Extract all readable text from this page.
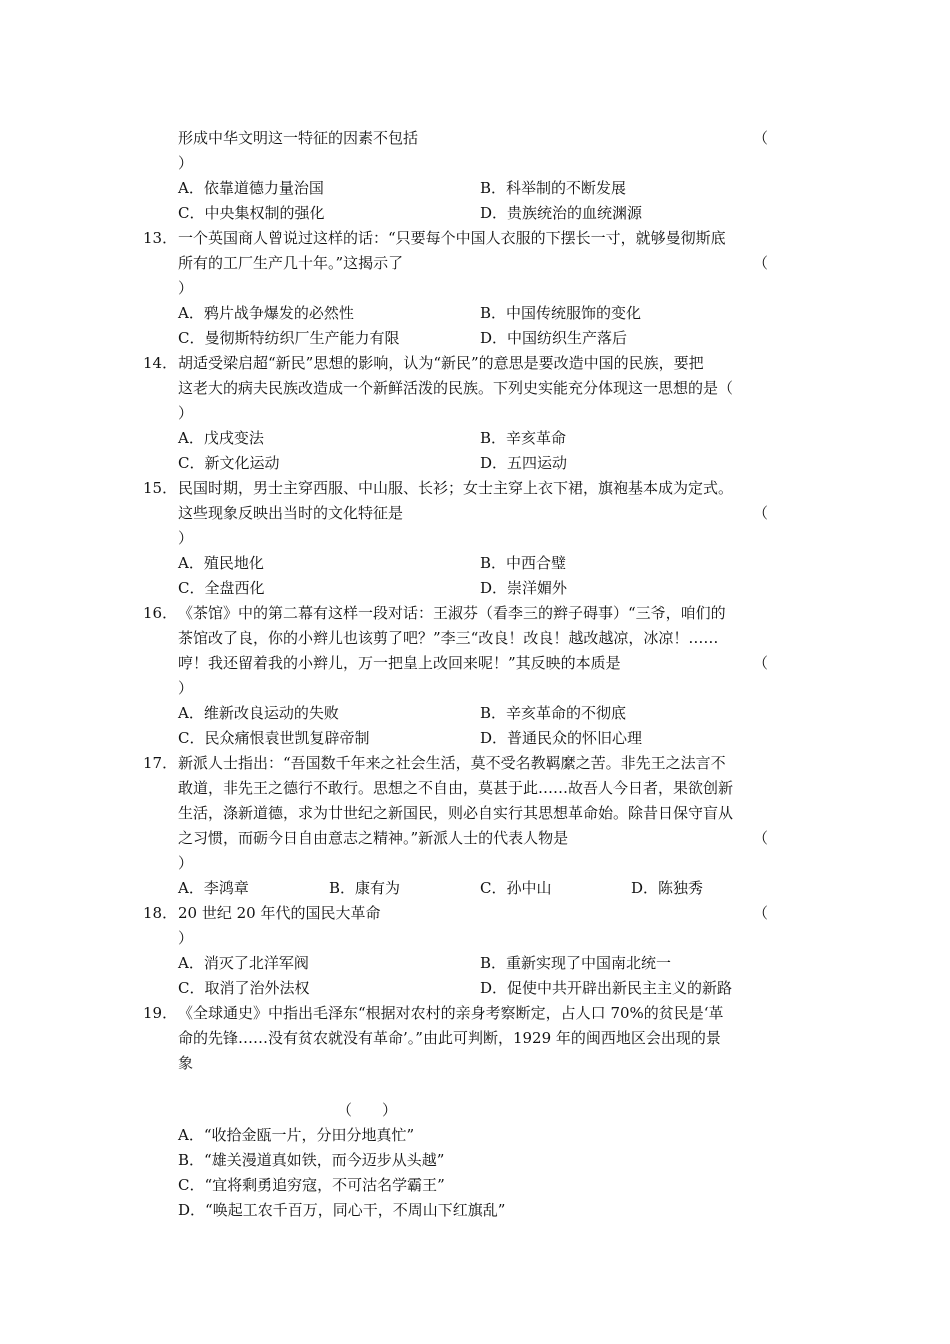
形成中华文明这一特征的因素不包括	（
）
A．依靠道德力量治国	B．科举制的不断发展
C．中央集权制的强化	D．贵族统治的血统渊源
13． 一个英国商人曾说过这样的话：“只要每个中国人衣服的下摆长一寸，就够曼彻斯底
所有的工厂生产几十年。”这揭示了	（
）
A．鸦片战争爆发的必然性	B．中国传统服饰的变化
C．曼彻斯特纺织厂生产能力有限	D．中国纺织生产落后
14． 胡适受梁启超“新民”思想的影响，认为“新民”的意思是要改造中国的民族，要把
这老大的病夫民族改造成一个新鲜活泼的民族。下列史实能充分体现这一思想的是（
）
A．戊戌变法	B．辛亥革命
C．新文化运动	D．五四运动
15． 民国时期，男士主穿西服、中山服、长衫；女士主穿上衣下裙，旗袍基本成为定式。
这些现象反映出当时的文化特征是	（
）
A．殖民地化	B．中西合璧
C．全盘西化	D．崇洋媚外
16． 《茶馆》中的第二幕有这样一段对话：王淑芬（看李三的辫子碍事）“三爷，咱们的
茶馆改了良，你的小辫儿也该剪了吧？”李三“改良！改良！越改越凉，冰凉！……
哼！我还留着我的小辫儿，万一把皇上改回来呢！”其反映的本质是	（
）
A．维新改良运动的失败	B．辛亥革命的不彻底
C．民众痛恨袁世凯复辟帝制	D．普通民众的怀旧心理
17． 新派人士指出：“吾国数千年来之社会生活，莫不受名教羁縻之苦。非先王之法言不
敢道，非先王之德行不敢行。思想之不自由，莫甚于此……故吾人今日者，果欲创新
生活，涤新道德，求为廿世纪之新国民，则必自实行其思想革命始。除昔日保守盲从
之习惯，而砺今日自由意志之精神。”新派人士的代表人物是	（
）
A．李鸿章	B．康有为	C．孙中山	D．陈独秀
18． 20 世纪 20 年代的国民大革命	（
）
A．消灭了北洋军阀	B．重新实现了中国南北统一
C．取消了治外法权	D．促使中共开辟出新民主主义的新路
19． 《全球通史》中指出毛泽东“根据对农村的亲身考察断定，占人口 70%的贫民是‘革
命的先锋……没有贫农就没有革命’。”由此可判断，1929 年的闽西地区会出现的景
象
（　　）
A．“收拾金瓯一片，分田分地真忙”
B．“雄关漫道真如铁，而今迈步从头越”
C．“宜将剩勇追穷寇，不可沽名学霸王”
D．“唤起工农千百万，同心干，不周山下红旗乱”
